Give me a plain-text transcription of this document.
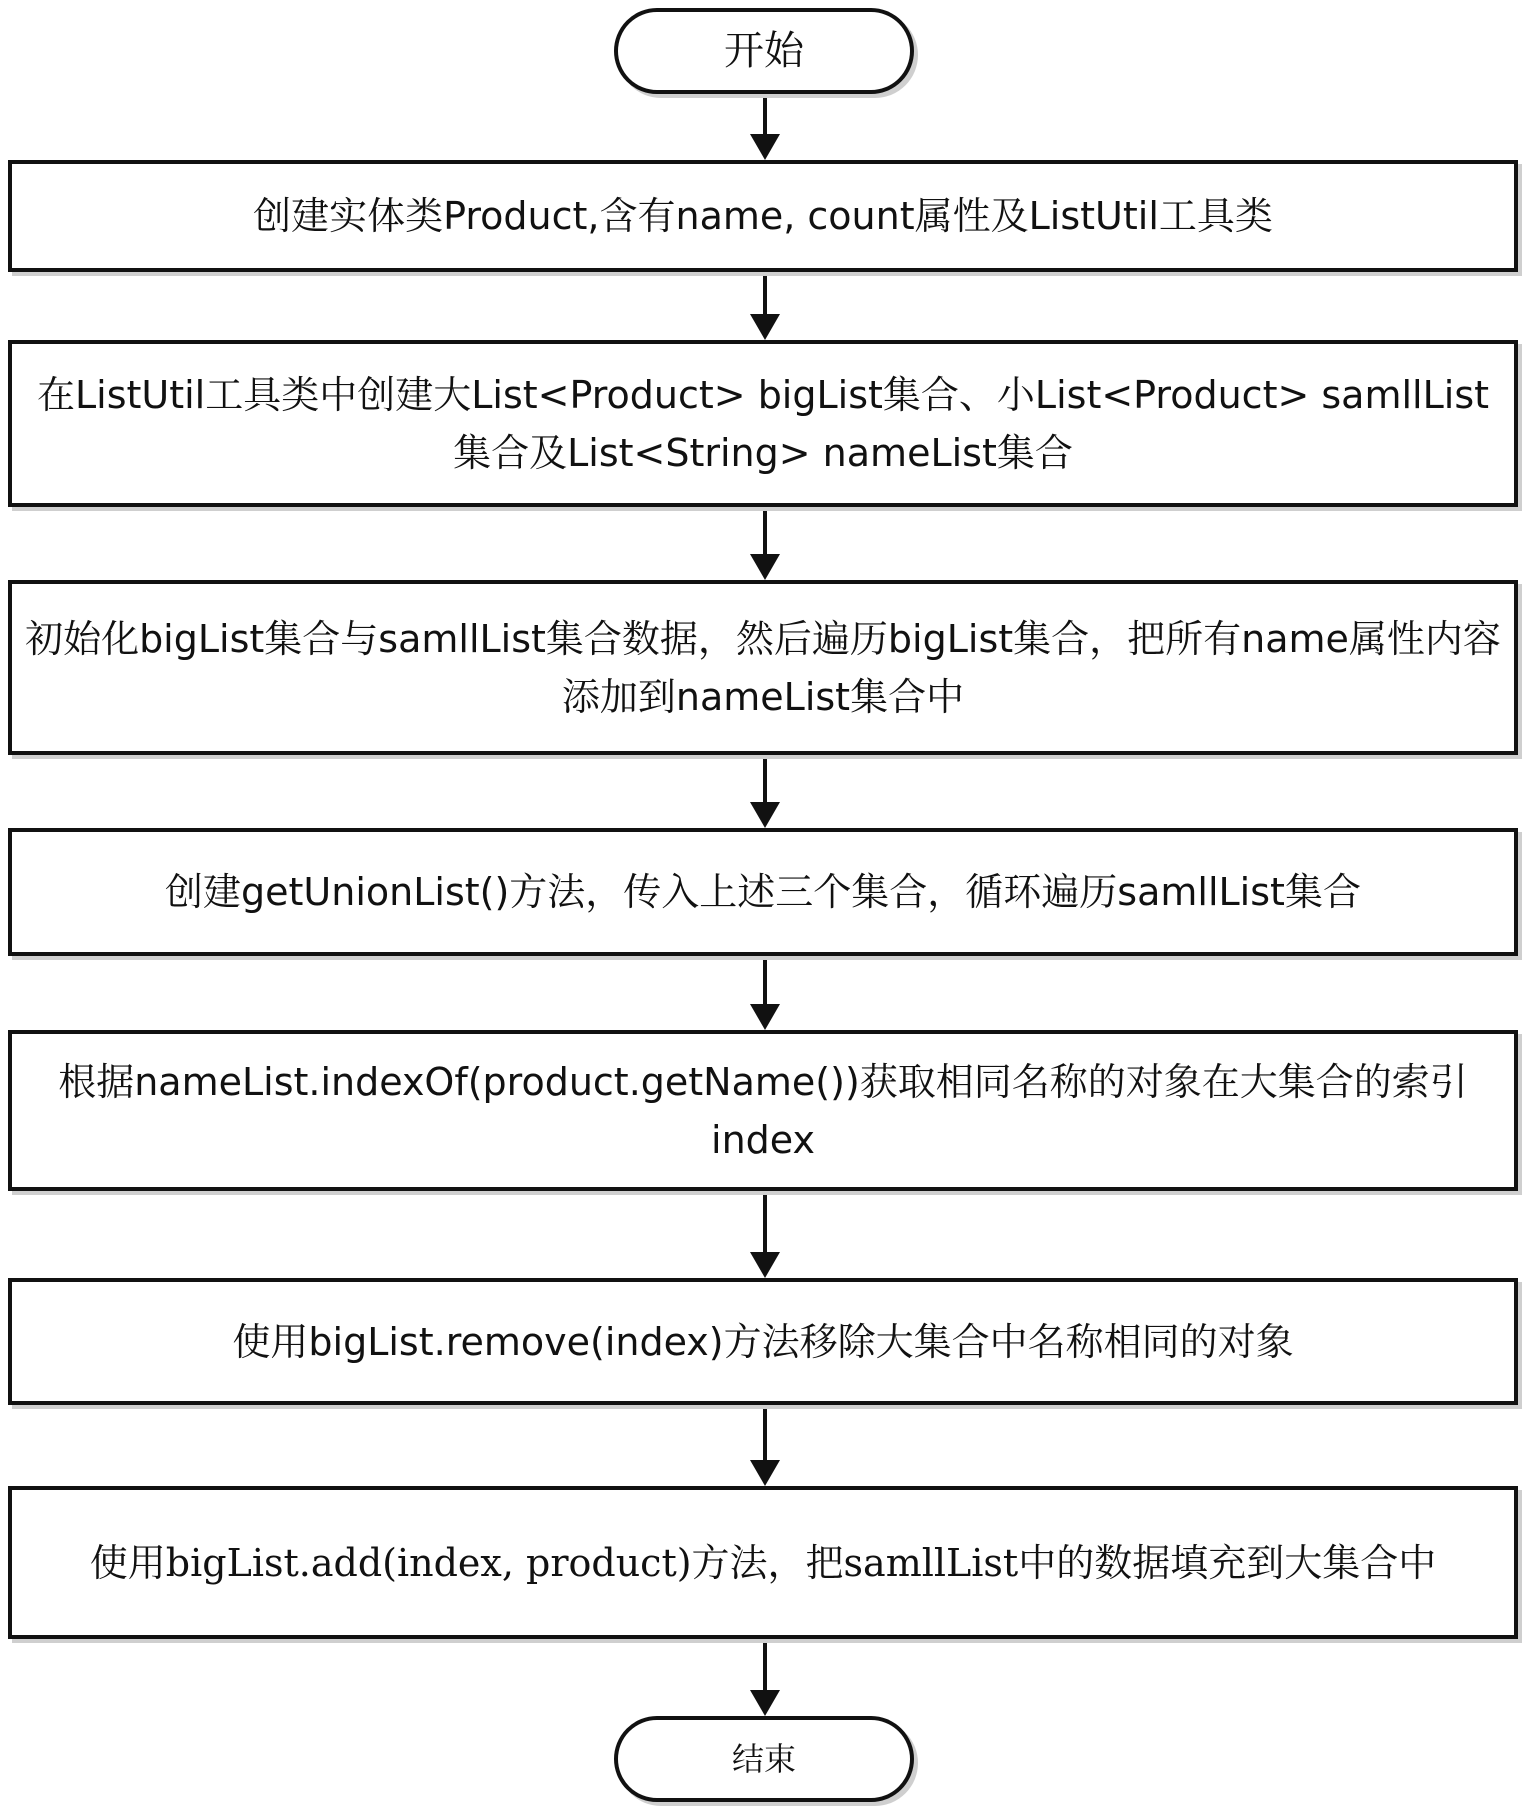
开始
创建实体类Product,含有name, count属性及ListUtil工具类
在ListUtil工具类中创建大List<Product> bigList集合、小List<Product> samllList集合及List<String> nameList集合
初始化bigList集合与samllList集合数据，然后遍历bigList集合，把所有name属性内容添加到nameList集合中
创建getUnionList()方法，传入上述三个集合，循环遍历samllList集合
根据nameList.indexOf(product.getName())获取相同名称的对象在大集合的索引index
使用bigList.remove(index)方法移除大集合中名称相同的对象
使用bigList.add(index, product)方法，把samllList中的数据填充到大集合中
结束
